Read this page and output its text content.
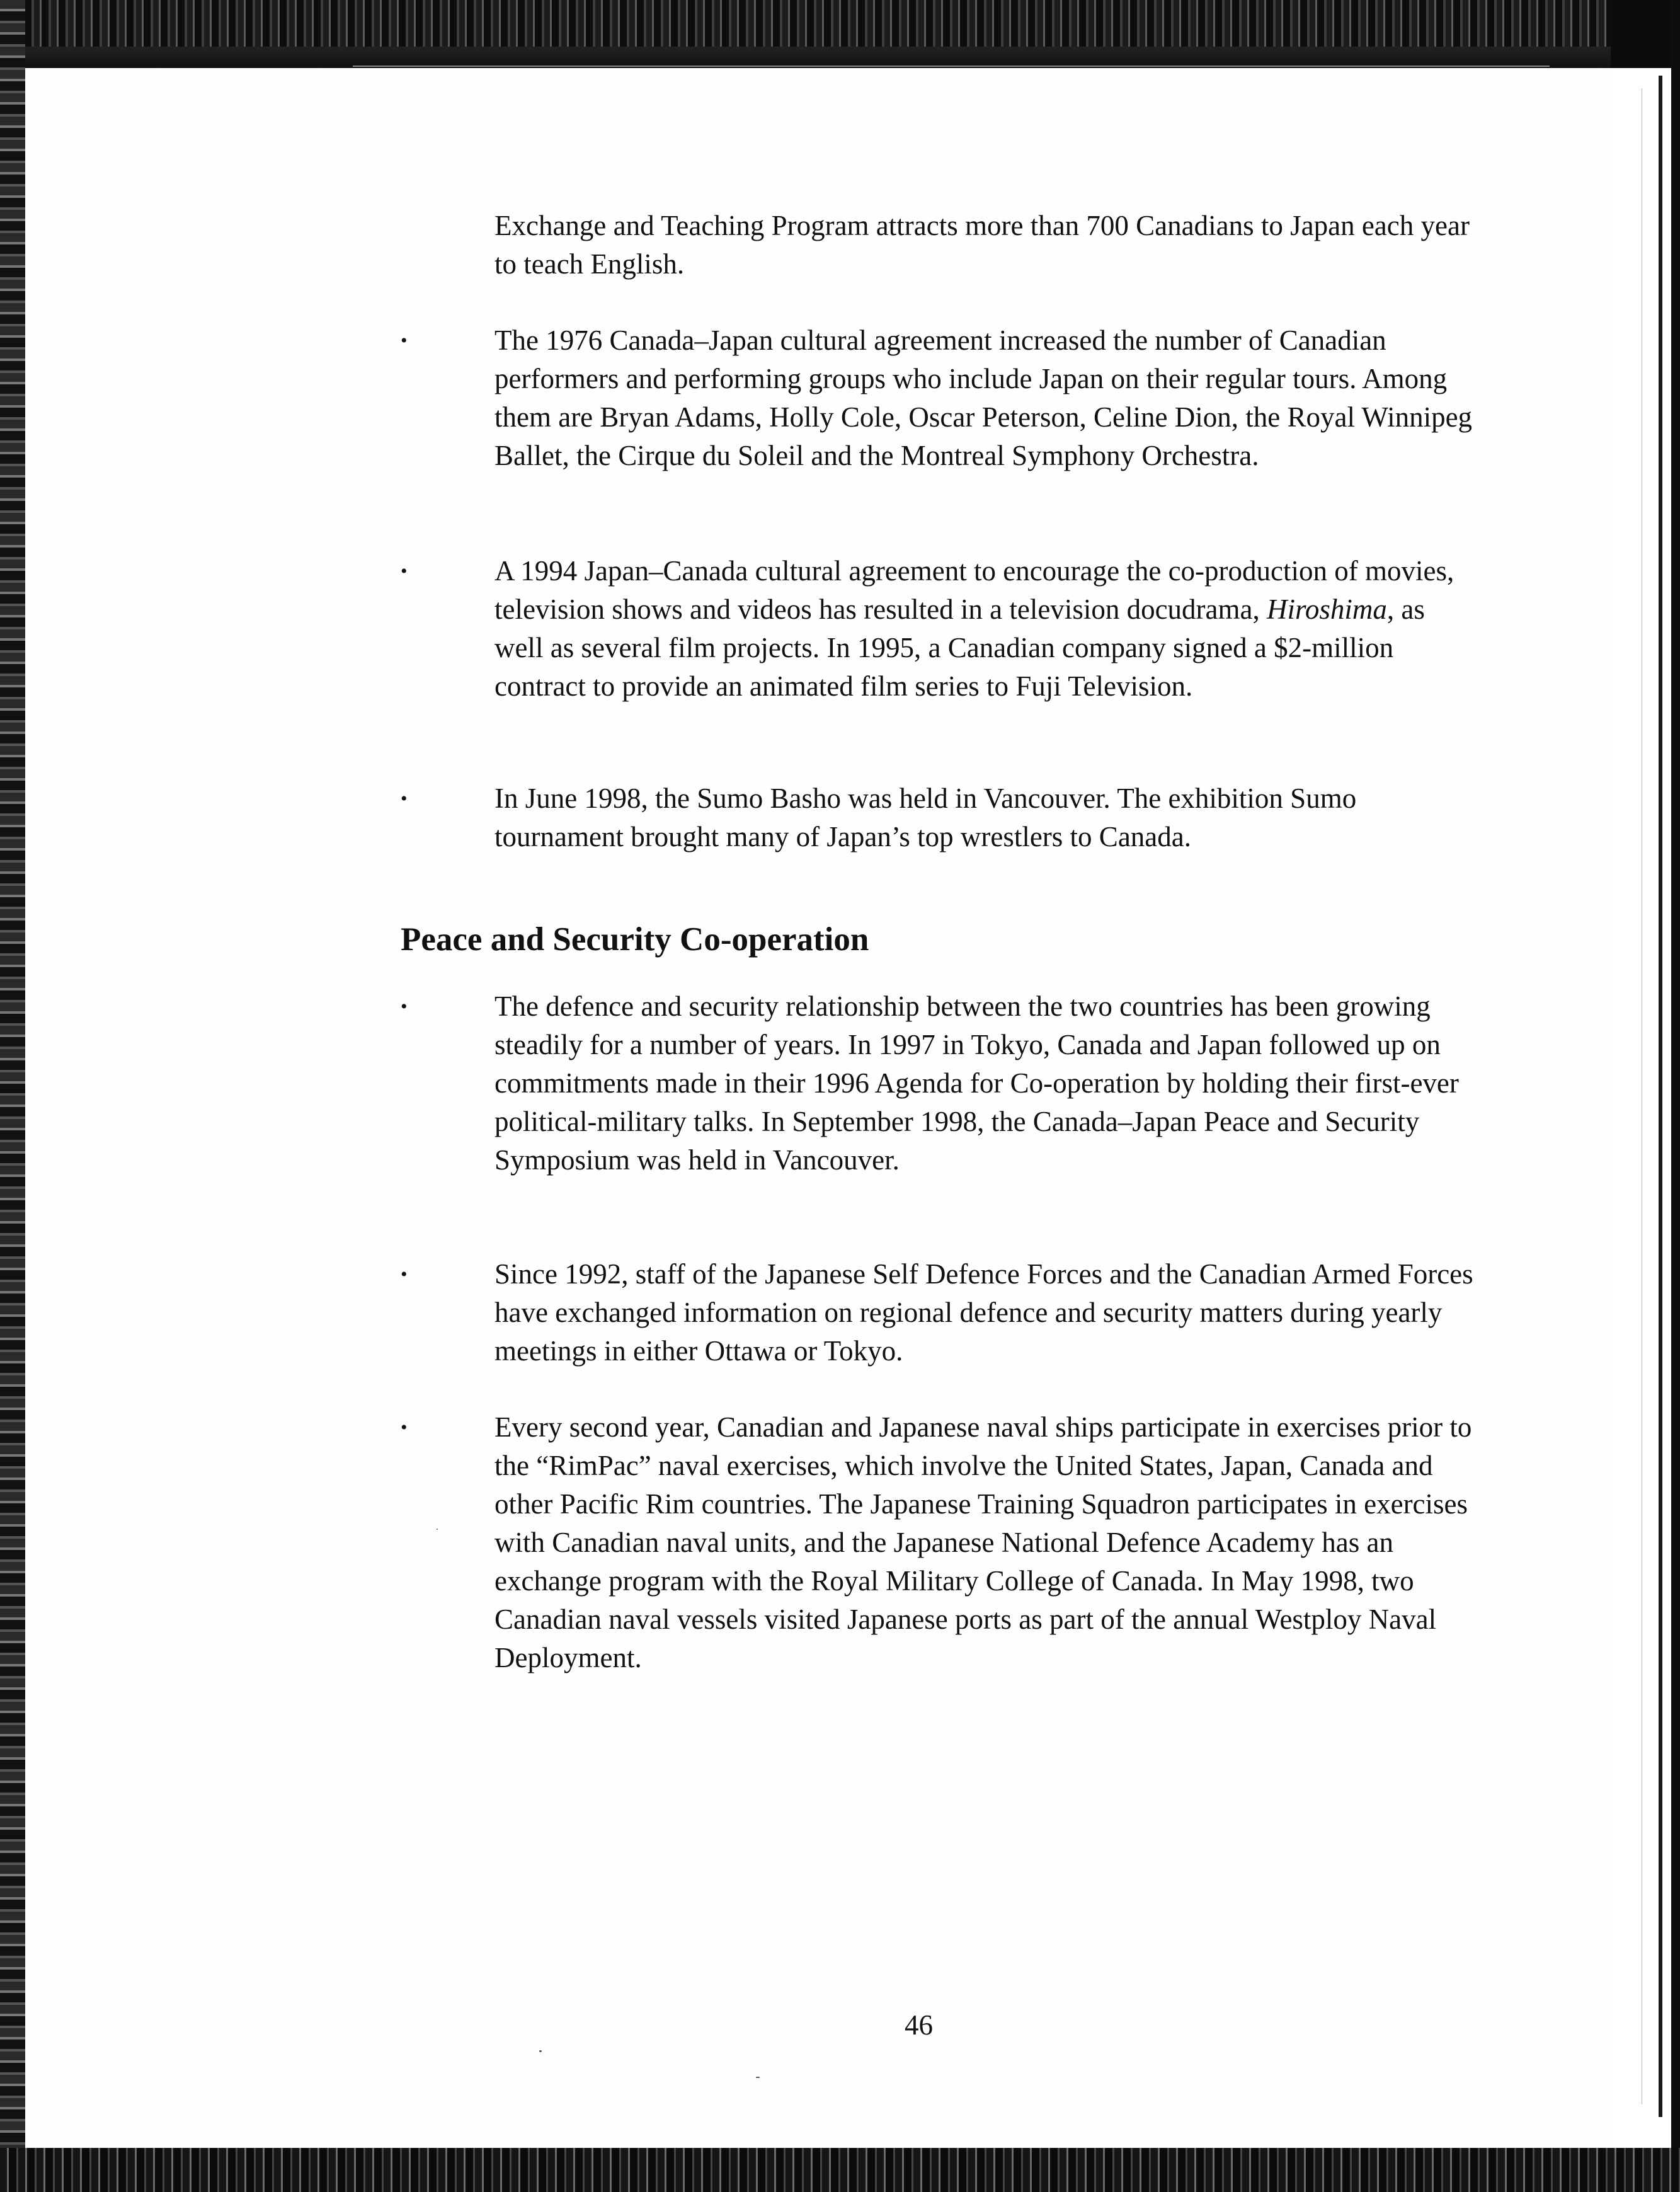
Exchange and Teaching Program attracts more than 700 Canadians to Japan each year to teach English.
•	The 1976 Canada–Japan cultural agreement increased the number of Canadian performers and performing groups who include Japan on their regular tours. Among them are Bryan Adams, Holly Cole, Oscar Peterson, Celine Dion, the Royal Winnipeg Ballet, the Cirque du Soleil and the Montreal Symphony Orchestra.
•	A 1994 Japan–Canada cultural agreement to encourage the co-production of movies, television shows and videos has resulted in a television docudrama, Hiroshima, as well as several film projects. In 1995, a Canadian company signed a $2-million contract to provide an animated film series to Fuji Television.
•	In June 1998, the Sumo Basho was held in Vancouver. The exhibition Sumo tournament brought many of Japan’s top wrestlers to Canada.
Peace and Security Co-operation
•	The defence and security relationship between the two countries has been growing steadily for a number of years. In 1997 in Tokyo, Canada and Japan followed up on commitments made in their 1996 Agenda for Co-operation by holding their first-ever political-military talks. In September 1998, the Canada–Japan Peace and Security Symposium was held in Vancouver.
•	Since 1992, staff of the Japanese Self Defence Forces and the Canadian Armed Forces have exchanged information on regional defence and security matters during yearly meetings in either Ottawa or Tokyo.
•	Every second year, Canadian and Japanese naval ships participate in exercises prior to the “RimPac” naval exercises, which involve the United States, Japan, Canada and other Pacific Rim countries. The Japanese Training Squadron participates in exercises with Canadian naval units, and the Japanese National Defence Academy has an exchange program with the Royal Military College of Canada. In May 1998, two Canadian naval vessels visited Japanese ports as part of the annual Westploy Naval Deployment.
46
